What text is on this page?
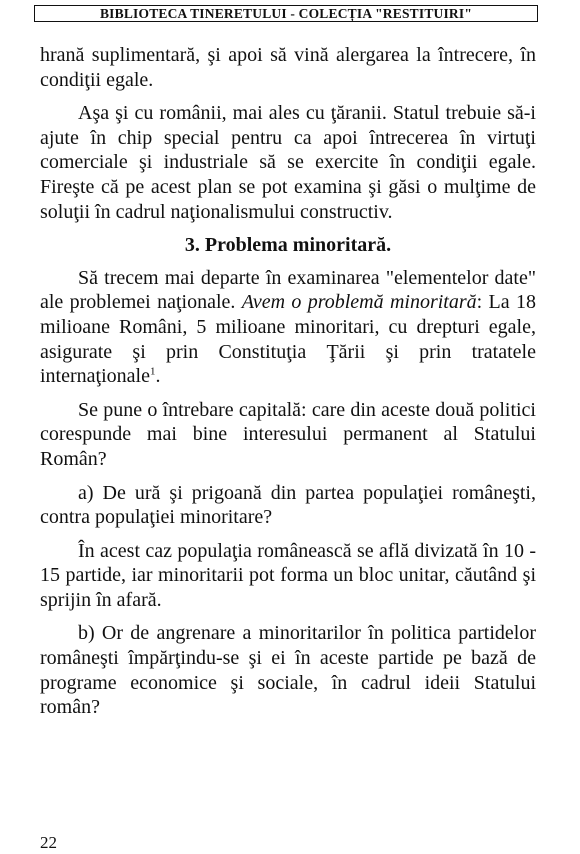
BIBLIOTECA TINERETULUI - COLECȚIA "RESTITUIRI"

hrană suplimentară, şi apoi să vină alergarea la întrecere, în condiţii egale.

Aşa şi cu românii, mai ales cu ţăranii. Statul trebuie să-i ajute în chip special pentru ca apoi întrecerea în virtuţi comerciale şi industriale să se exercite în condiţii egale. Fireşte că pe acest plan se pot examina şi găsi o mulţime de soluţii în cadrul naţionalismului constructiv.

3. Problema minoritară.

Să trecem mai departe în examinarea "elementelor date" ale problemei naţionale. Avem o problemă minoritară: La 18 milioane Români, 5 milioane minoritari, cu drepturi egale, asigurate şi prin Constituţia Ţării şi prin tratatele internaţionale$^1$.

Se pune o întrebare capitală: care din aceste două politici corespunde mai bine interesului permanent al Statului Român?

a) De ură şi prigoană din partea populaţiei româneşti, contra populaţiei minoritare?

În acest caz populaţia românească se află divizată în 10 - 15 partide, iar minoritarii pot forma un bloc unitar, căutând şi sprijin în afară.

b) Or de angrenare a minoritarilor în politica partidelor româneşti împărţindu-se şi ei în aceste partide pe bază de programe economice şi sociale, în cadrul ideii Statului român?

22
